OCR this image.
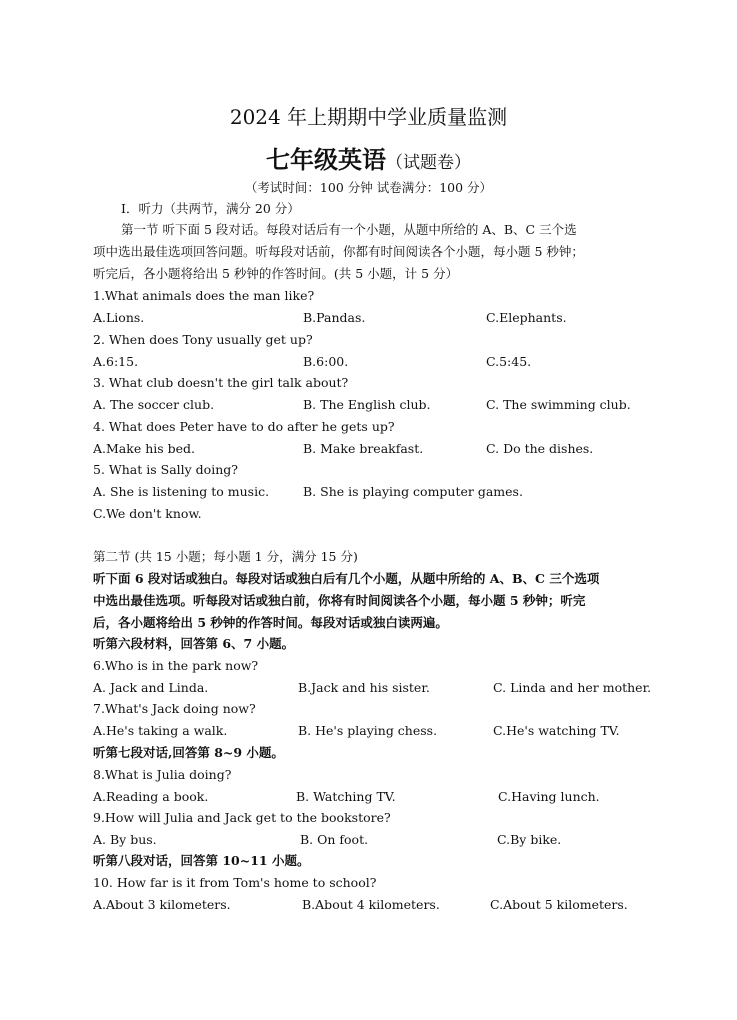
2024 年上期期中学业质量监测
七年级英语（试题卷）
（考试时间：100 分钟 试卷满分：100 分）
I．听力（共两节，满分 20 分）
第一节 听下面 5 段对话。每段对话后有一个小题，从题中所给的 A、B、C 三个选
项中选出最佳选项回答问题。听每段对话前，你都有时间阅读各个小题，每小题 5 秒钟；
听完后，各小题将给出 5 秒钟的作答时间。(共 5 小题，计 5 分）
1.What animals does the man like?
A.Lions.	B.Pandas.	C.Elephants.
2. When does Tony usually get up?
A.6:15.	B.6:00.	C.5:45.
3. What club doesn't the girl talk about?
A. The soccer club.	B. The English club.	C. The swimming club.
4. What does Peter have to do after he gets up?
A.Make his bed.	B. Make breakfast.	C. Do the dishes.
5. What is Sally doing?
A. She is listening to music.	B. She is playing computer games.
C.We don't know.
第二节 (共 15 小题；每小题 1 分，满分 15 分)
听下面 6 段对话或独白。每段对话或独白后有几个小题，从题中所给的 A、B、C 三个选项
中选出最佳选项。听每段对话或独白前，你将有时间阅读各个小题，每小题 5 秒钟；听完
后，各小题将给出 5 秒钟的作答时间。每段对话或独白读两遍。
听第六段材料，回答第 6、7 小题。
6.Who is in the park now?
A. Jack and Linda.	B.Jack and his sister.	C. Linda and her mother.
7.What's Jack doing now?
A.He's taking a walk.	B. He's playing chess.	C.He's watching TV.
听第七段对话,回答第 8~9 小题。
8.What is Julia doing?
A.Reading a book.	B. Watching TV.	C.Having lunch.
9.How will Julia and Jack get to the bookstore?
A. By bus.	B. On foot.	C.By bike.
听第八段对话，回答第 10~11 小题。
10. How far is it from Tom's home to school?
A.About 3 kilometers.	B.About 4 kilometers.	C.About 5 kilometers.
